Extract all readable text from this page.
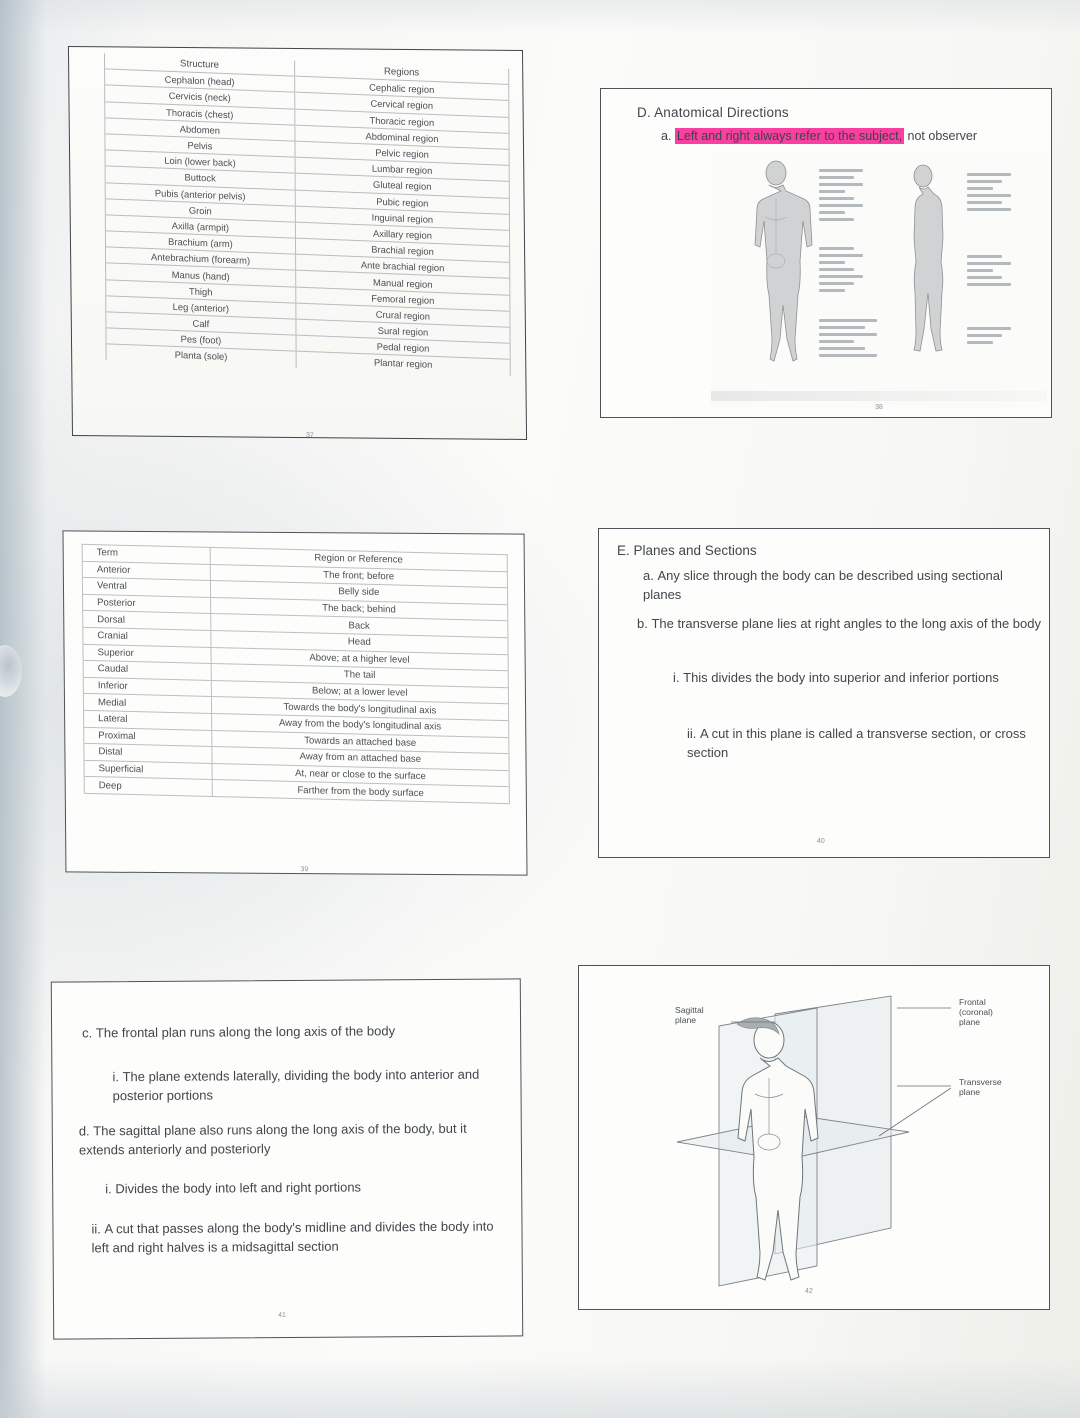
Structure	Regions
Cephalon (head)	Cephalic region
Cervicis (neck)	Cervical region
Thoracis (chest)	Thoracic region
Abdomen	Abdominal region
Pelvis	Pelvic region
Loin (lower back)	Lumbar region
Buttock	Gluteal region
Pubis (anterior pelvis)	Pubic region
Groin	Inguinal region
Axilla (armpit)	Axillary region
Brachium (arm)	Brachial region
Antebrachium (forearm)	Ante brachial region
Manus (hand)	Manual region
Thigh	Femoral region
Leg (anterior)	Crural region
Calf	Sural region
Pes (foot)	Pedal region
Planta (sole)	Plantar region
37
D. Anatomical Directions
a. Left and right always refer to the subject, not observer
38
Term	Region or Reference
Anterior	The front; before
Ventral	Belly side
Posterior	The back; behind
Dorsal	Back
Cranial	Head
Superior	Above; at a higher level
Caudal	The tail
Inferior	Below; at a lower level
Medial	Towards the body's longitudinal axis
Lateral	Away from the body's longitudinal axis
Proximal	Towards an attached base
Distal	Away from an attached base
Superficial	At, near or close to the surface
Deep	Farther from the body surface
39
E. Planes and Sections
a. Any slice through the body can be described using sectional planes
b. The transverse plane lies at right angles to the long axis of the body
i. This divides the body into superior and inferior portions
ii. A cut in this plane is called a transverse section, or cross section
40
c. The frontal plan runs along the long axis of the body
i. The plane extends laterally, dividing the body into anterior and posterior portions
d. The sagittal plane also runs along the long axis of the body, but it extends anteriorly and posteriorly
i. Divides the body into left and right portions
ii. A cut that passes along the body's midline and divides the body into left and right halves is a midsagittal section
41
Sagittal
plane
Frontal
(coronal)
plane
Transverse
plane
42
